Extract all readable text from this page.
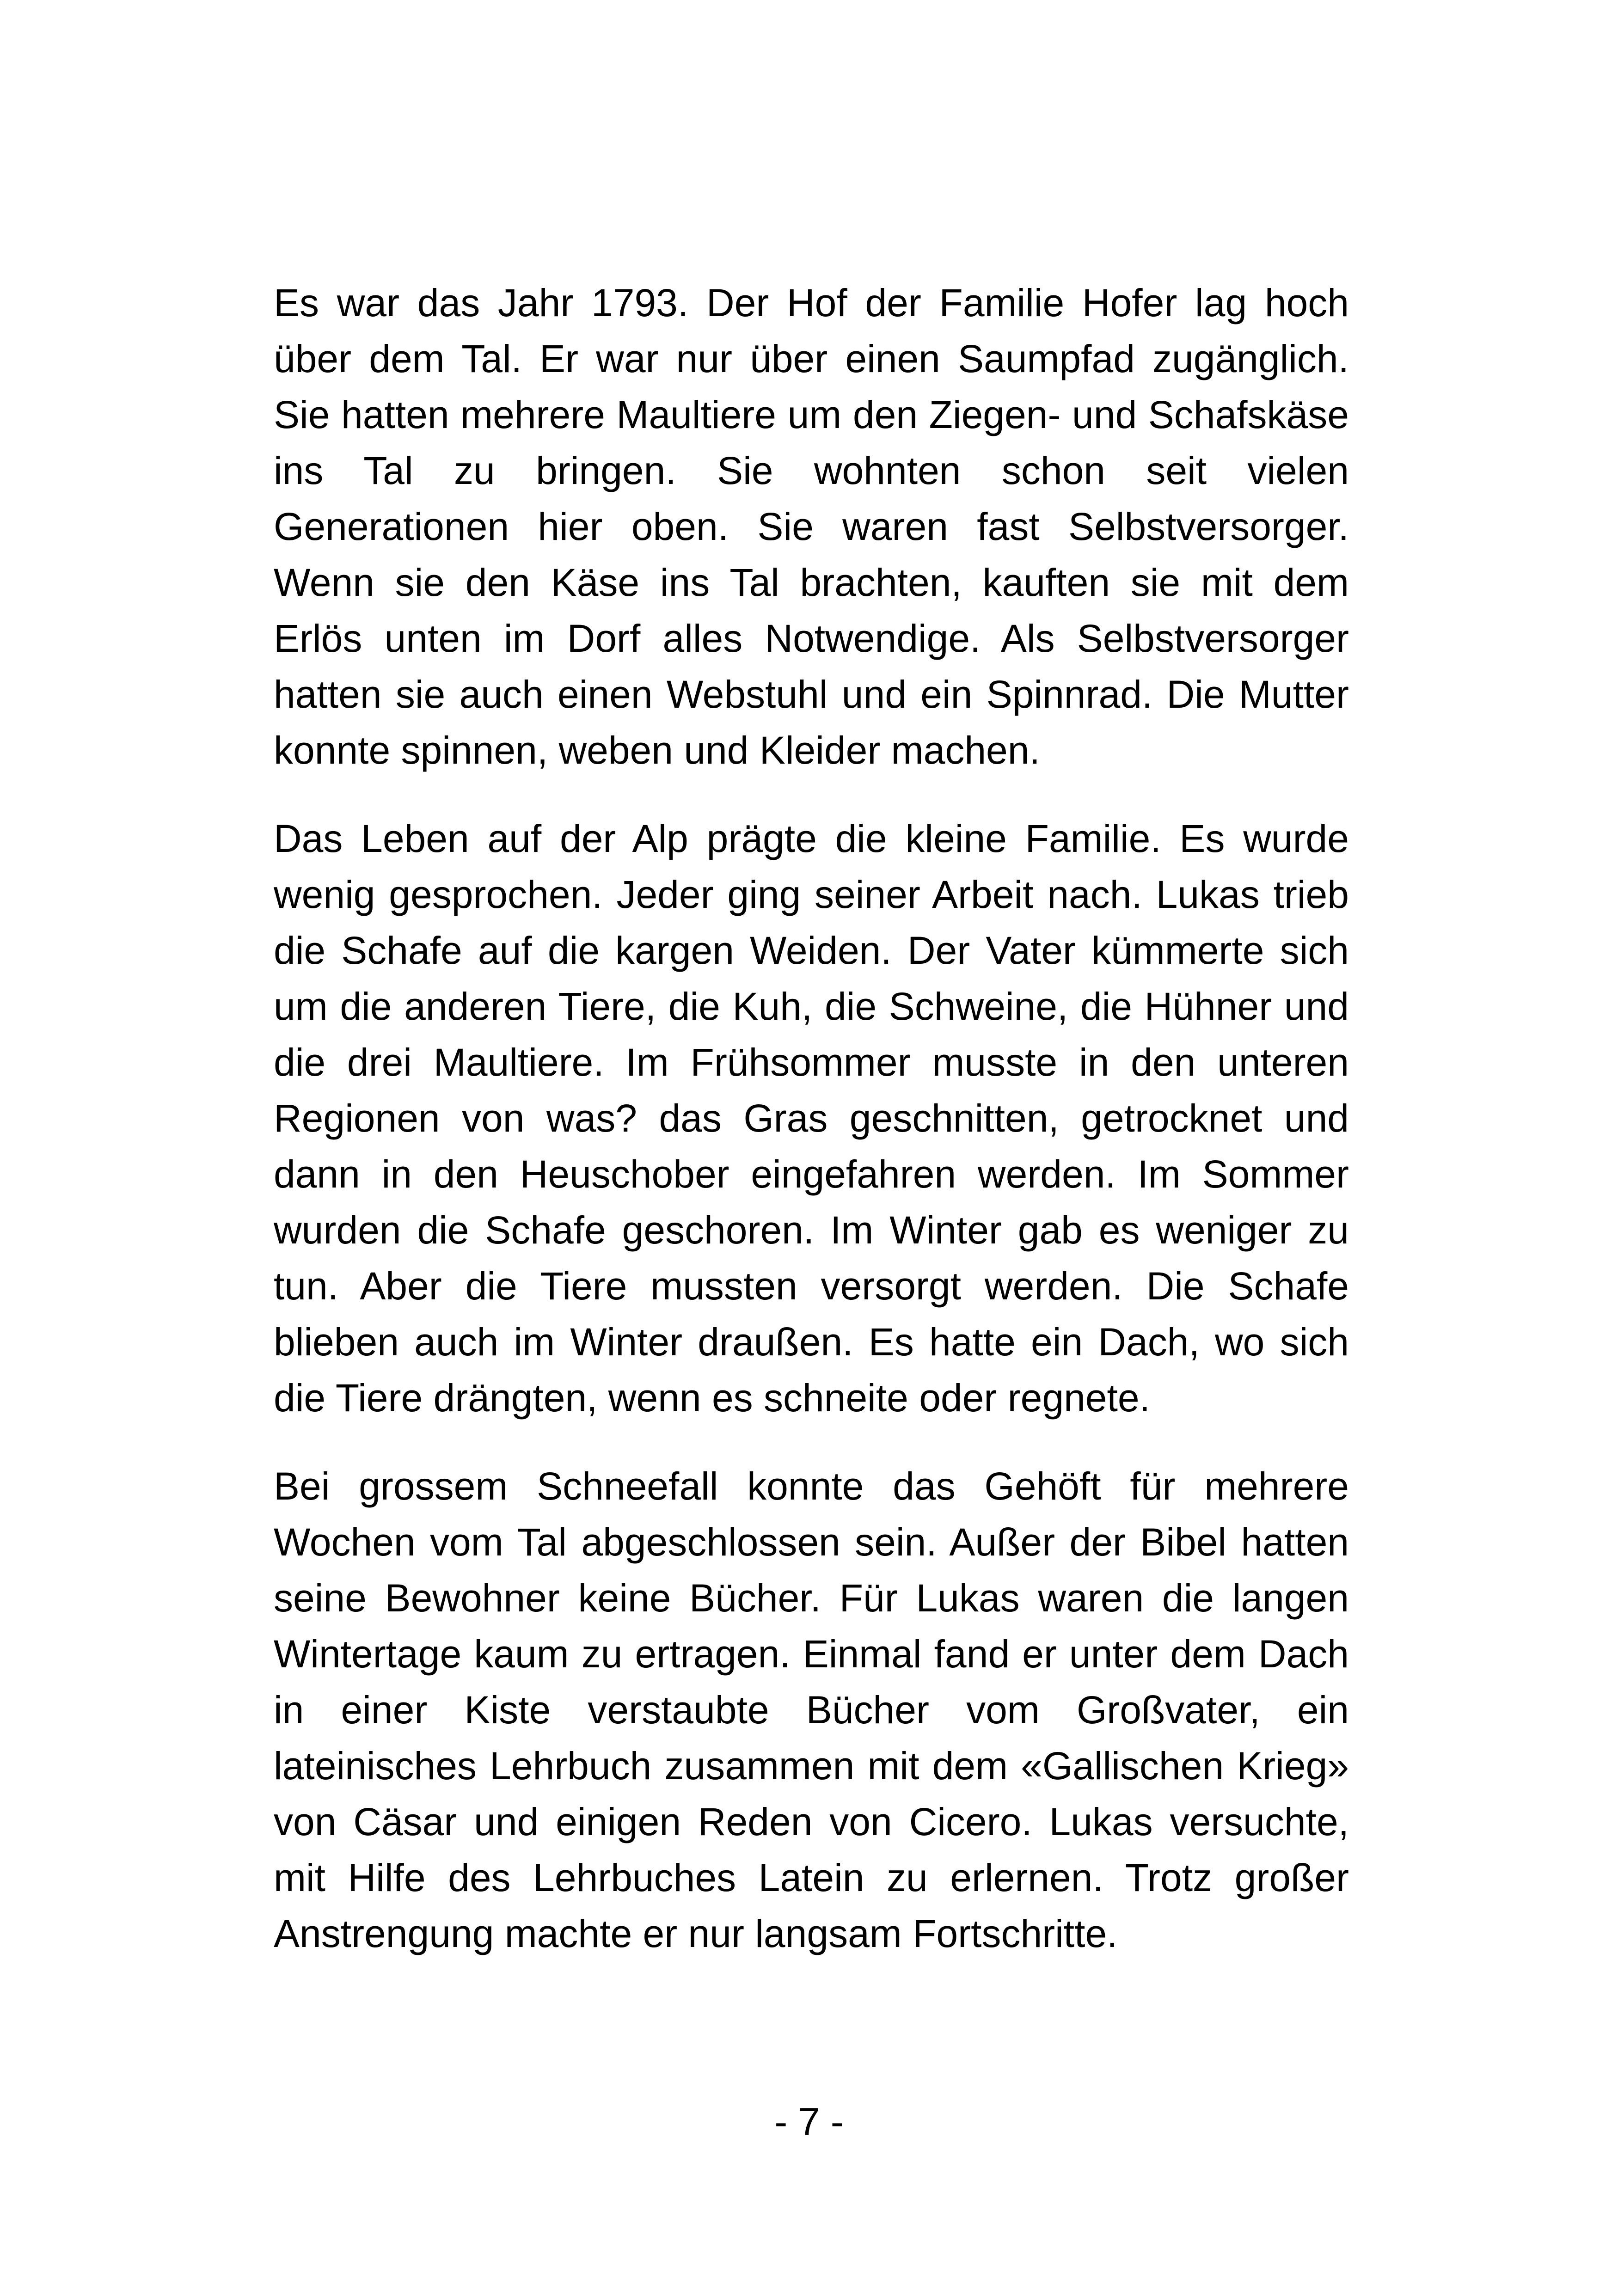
Es war das Jahr 1793. Der Hof der Familie Hofer lag hoch über dem Tal. Er war nur über einen Saumpfad zugänglich. Sie hatten mehrere Maultiere um den Ziegen- und Schafskäse ins Tal zu bringen. Sie wohnten schon seit vielen Generationen hier oben. Sie waren fast Selbstversorger. Wenn sie den Käse ins Tal brachten, kauften sie mit dem Erlös unten im Dorf alles Notwendige. Als Selbstversorger hatten sie auch einen Webstuhl und ein Spinnrad. Die Mutter konnte spinnen, weben und Kleider machen.

Das Leben auf der Alp prägte die kleine Familie. Es wurde wenig gesprochen. Jeder ging seiner Arbeit nach. Lukas trieb die Schafe auf die kargen Weiden. Der Vater kümmerte sich um die anderen Tiere, die Kuh, die Schweine, die Hühner und die drei Maultiere. Im Frühsommer musste in den unteren Regionen von was? das Gras geschnitten, getrocknet und dann in den Heuschober eingefahren werden. Im Sommer wurden die Schafe geschoren. Im Winter gab es weniger zu tun. Aber die Tiere mussten versorgt werden. Die Schafe blieben auch im Winter draußen. Es hatte ein Dach, wo sich die Tiere drängten, wenn es schneite oder regnete.

Bei grossem Schneefall konnte das Gehöft für mehrere Wochen vom Tal abgeschlossen sein. Außer der Bibel hatten seine Bewohner keine Bücher. Für Lukas waren die langen Wintertage kaum zu ertragen. Einmal fand er unter dem Dach in einer Kiste verstaubte Bücher vom Großvater, ein lateinisches Lehrbuch zusammen mit dem «Gallischen Krieg» von Cäsar und einigen Reden von Cicero. Lukas versuchte, mit Hilfe des Lehrbuches Latein zu erlernen. Trotz großer Anstrengung machte er nur langsam Fortschritte.

- 7 -
